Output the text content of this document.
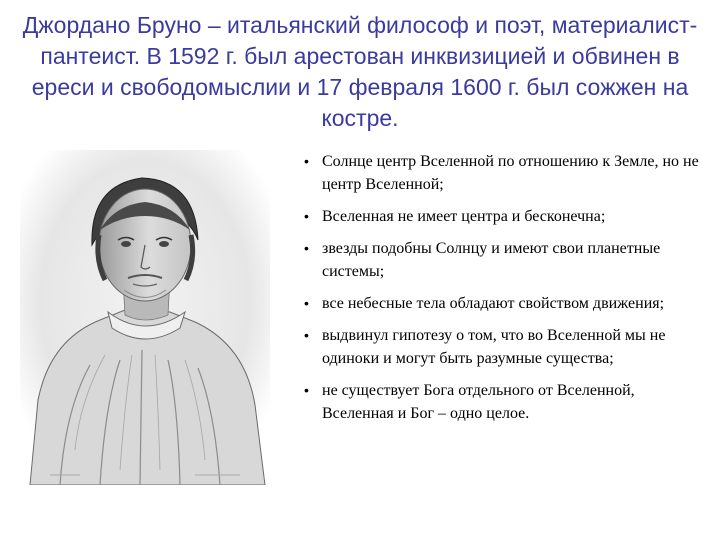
Джордано Бруно – итальянский философ и поэт, материалист-пантеист. В 1592 г. был арестован инквизицией и обвинен в ереси и свободомыслии и 17 февраля 1600 г. был сожжен на костре.
• Солнце центр Вселенной по отношению к Земле, но не центр Вселенной;
• Вселенная не имеет центра и бесконечна;
• звезды подобны Солнцу и имеют свои планетные системы;
• все небесные тела обладают свойством движения;
• выдвинул гипотезу о том, что во Вселенной мы не одиноки и могут быть разумные существа;
• не существует Бога отдельного от Вселенной, Вселенная и Бог – одно целое.
